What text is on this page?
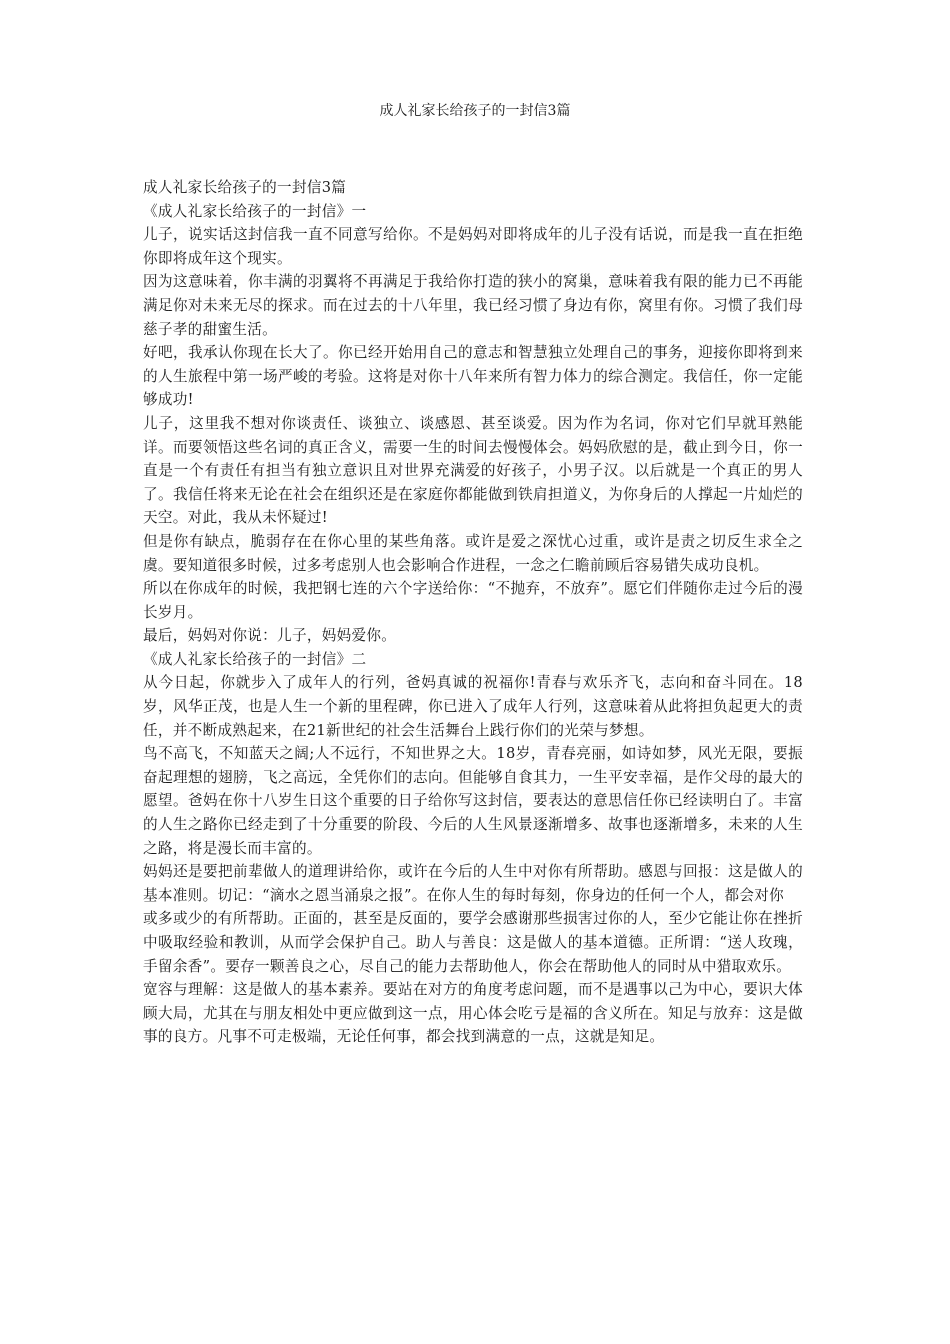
成人礼家长给孩子的一封信3篇

成人礼家长给孩子的一封信3篇

《成人礼家长给孩子的一封信》一

儿子，说实话这封信我一直不同意写给你。不是妈妈对即将成年的儿子没有话说，而是我一直在拒绝你即将成年这个现实。

因为这意味着，你丰满的羽翼将不再满足于我给你打造的狭小的窝巢，意味着我有限的能力已不再能满足你对未来无尽的探求。而在过去的十八年里，我已经习惯了身边有你，窝里有你。习惯了我们母慈子孝的甜蜜生活。

好吧，我承认你现在长大了。你已经开始用自己的意志和智慧独立处理自己的事务，迎接你即将到来的人生旅程中第一场严峻的考验。这将是对你十八年来所有智力体力的综合测定。我信任，你一定能够成功!

儿子，这里我不想对你谈责任、谈独立、谈感恩、甚至谈爱。因为作为名词，你对它们早就耳熟能详。而要领悟这些名词的真正含义，需要一生的时间去慢慢体会。妈妈欣慰的是，截止到今日，你一直是一个有责任有担当有独立意识且对世界充满爱的好孩子，小男子汉。以后就是一个真正的男人了。我信任将来无论在社会在组织还是在家庭你都能做到铁肩担道义，为你身后的人撑起一片灿烂的天空。对此，我从未怀疑过!

但是你有缺点，脆弱存在在你心里的某些角落。或许是爱之深忧心过重，或许是责之切反生求全之虞。要知道很多时候，过多考虑别人也会影响合作进程，一念之仁瞻前顾后容易错失成功良机。

所以在你成年的时候，我把钢七连的六个字送给你：“不抛弃，不放弃”。愿它们伴随你走过今后的漫长岁月。

最后，妈妈对你说：儿子，妈妈爱你。

《成人礼家长给孩子的一封信》二

从今日起，你就步入了成年人的行列，爸妈真诚的祝福你!青春与欢乐齐飞，志向和奋斗同在。18岁，风华正茂，也是人生一个新的里程碑，你已进入了成年人行列，这意味着从此将担负起更大的责任，并不断成熟起来，在21新世纪的社会生活舞台上践行你们的光荣与梦想。

鸟不高飞，不知蓝天之阔;人不远行，不知世界之大。18岁，青春亮丽，如诗如梦，风光无限，要振奋起理想的翅膀，飞之高远，全凭你们的志向。但能够自食其力，一生平安幸福，是作父母的最大的愿望。爸妈在你十八岁生日这个重要的日子给你写这封信，要表达的意思信任你已经读明白了。丰富的人生之路你已经走到了十分重要的阶段、今后的人生风景逐渐增多、故事也逐渐增多，未来的人生之路，将是漫长而丰富的。

妈妈还是要把前辈做人的道理讲给你，或许在今后的人生中对你有所帮助。感恩与回报：这是做人的基本准则。切记：“滴水之恩当涌泉之报”。在你人生的每时每刻，你身边的任何一个人，都会对你

或多或少的有所帮助。正面的，甚至是反面的，要学会感谢那些损害过你的人，至少它能让你在挫折中吸取经验和教训，从而学会保护自己。助人与善良：这是做人的基本道德。正所谓：“送人玫瑰，手留余香”。要存一颗善良之心，尽自己的能力去帮助他人，你会在帮助他人的同时从中猎取欢乐。

宽容与理解：这是做人的基本素养。要站在对方的角度考虑问题，而不是遇事以己为中心，要识大体顾大局，尤其在与朋友相处中更应做到这一点，用心体会吃亏是福的含义所在。知足与放弃：这是做事的良方。凡事不可走极端，无论任何事，都会找到满意的一点，这就是知足。
